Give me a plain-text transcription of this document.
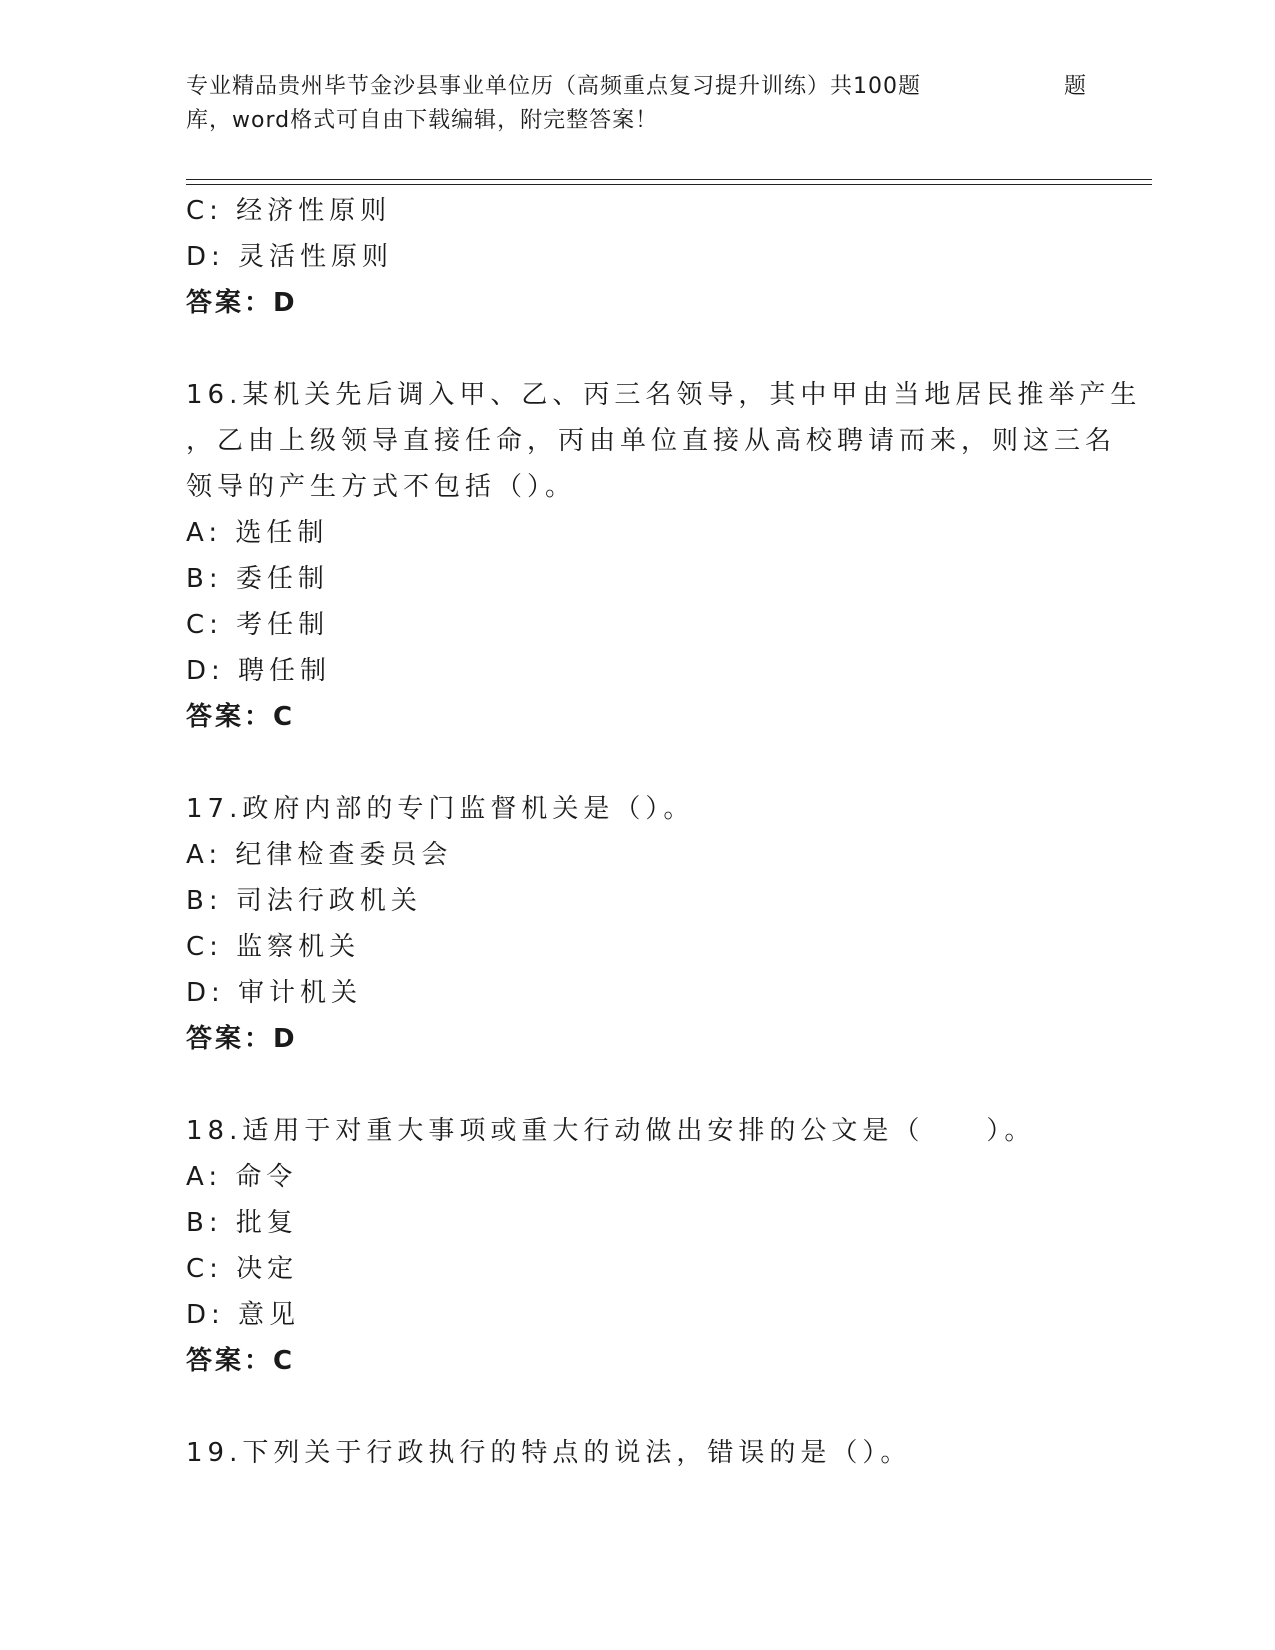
专业精品贵州毕节金沙县事业单位历（高频重点复习提升训练）共100题	题
库，word格式可自由下载编辑，附完整答案！
C: 经济性原则
D: 灵活性原则
答案：D
16.某机关先后调入甲、乙、丙三名领导，其中甲由当地居民推举产生
，乙由上级领导直接任命，丙由单位直接从高校聘请而来，则这三名
领导的产生方式不包括（）。
A: 选任制
B: 委任制
C: 考任制
D: 聘任制
答案：C
17.政府内部的专门监督机关是（）。
A: 纪律检查委员会
B: 司法行政机关
C: 监察机关
D: 审计机关
答案：D
18.适用于对重大事项或重大行动做出安排的公文是（　　）。
A: 命令
B: 批复
C: 决定
D: 意见
答案：C
19.下列关于行政执行的特点的说法，错误的是（）。
